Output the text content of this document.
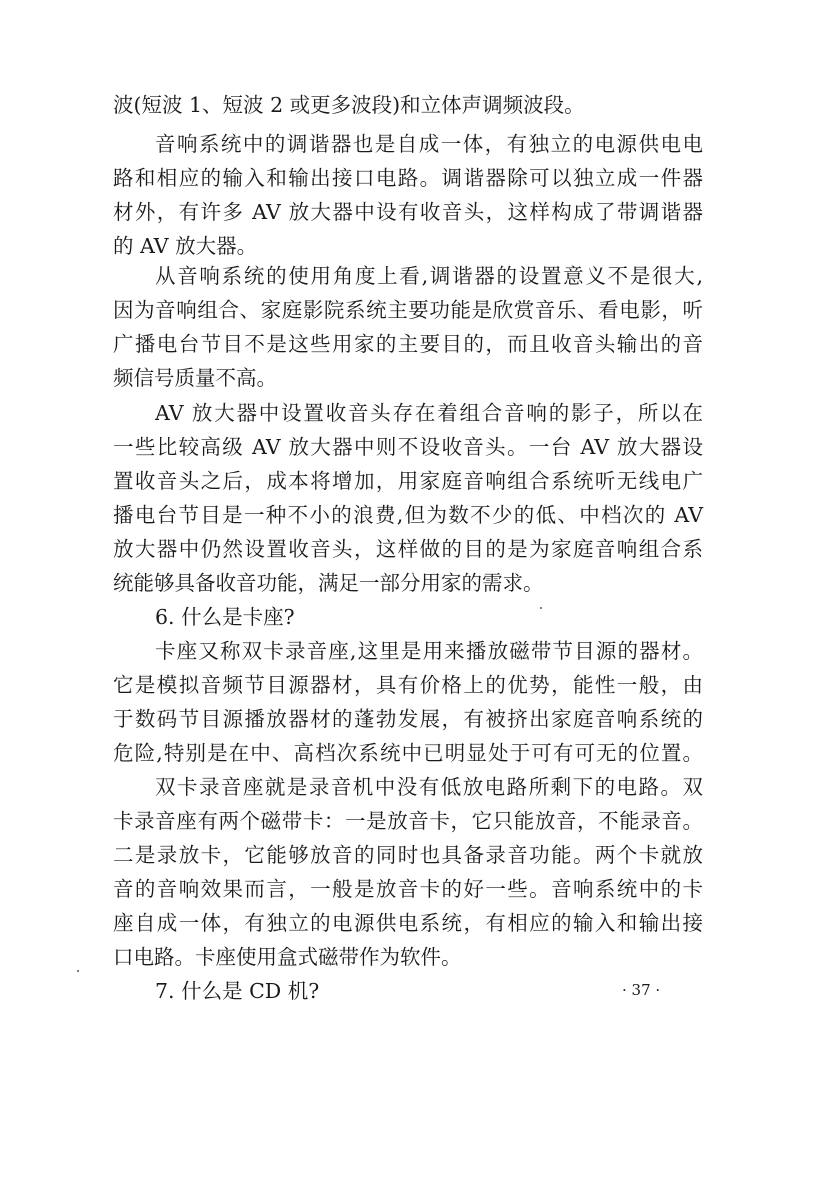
波(短波 1、短波 2 或更多波段)和立体声调频波段。
音响系统中的调谐器也是自成一体，有独立的电源供电电
路和相应的输入和输出接口电路。调谐器除可以独立成一件器
材外，有许多 AV 放大器中设有收音头，这样构成了带调谐器
的 AV 放大器。
从音响系统的使用角度上看,调谐器的设置意义不是很大,
因为音响组合、家庭影院系统主要功能是欣赏音乐、看电影，听
广播电台节目不是这些用家的主要目的，而且收音头输出的音
频信号质量不高。
AV 放大器中设置收音头存在着组合音响的影子，所以在
一些比较高级 AV 放大器中则不设收音头。一台 AV 放大器设
置收音头之后，成本将增加，用家庭音响组合系统听无线电广
播电台节目是一种不小的浪费,但为数不少的低、中档次的 AV
放大器中仍然设置收音头，这样做的目的是为家庭音响组合系
统能够具备收音功能，满足一部分用家的需求。
6. 什么是卡座?
卡座又称双卡录音座,这里是用来播放磁带节目源的器材。
它是模拟音频节目源器材，具有价格上的优势，能性一般，由
于数码节目源播放器材的蓬勃发展，有被挤出家庭音响系统的
危险,特别是在中、高档次系统中已明显处于可有可无的位置。
双卡录音座就是录音机中没有低放电路所剩下的电路。双
卡录音座有两个磁带卡：一是放音卡，它只能放音，不能录音。
二是录放卡，它能够放音的同时也具备录音功能。两个卡就放
音的音响效果而言，一般是放音卡的好一些。音响系统中的卡
座自成一体，有独立的电源供电系统，有相应的输入和输出接
口电路。卡座使用盒式磁带作为软件。
7. 什么是 CD 机?	· 37 ·
